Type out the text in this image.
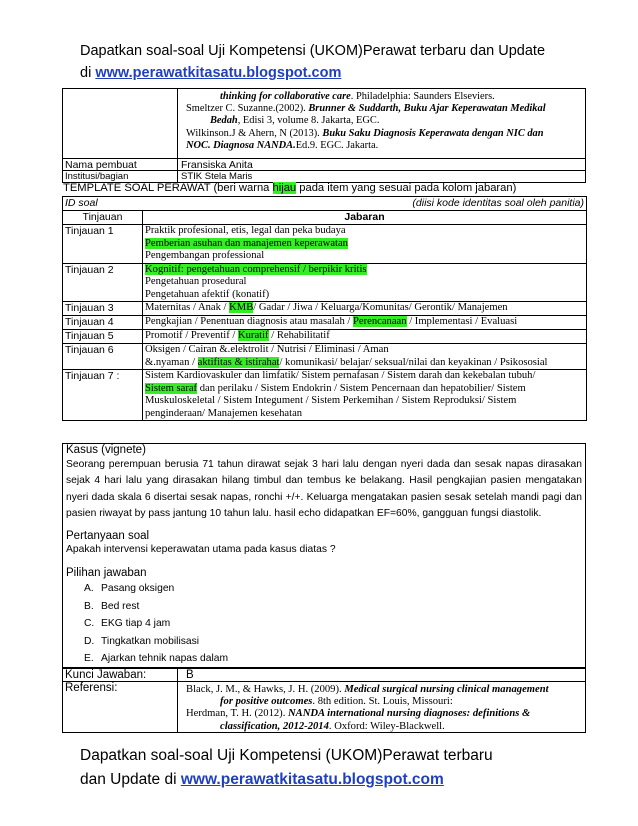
Dapatkan soal-soal Uji Kompetensi (UKOM)Perawat terbaru dan Update
di www.perawatkitasatu.blogspot.com
thinking for collaborative care. Philadelphia: Saunders Elseviers.
Smeltzer C. Suzanne.(2002). Brunner & Suddarth, Buku Ajar Keperawatan Medikal
Bedah, Edisi 3, volume 8. Jakarta, EGC.
Wilkinson.J & Ahern, N (2013). Buku Saku Diagnosis Keperawata dengan NIC dan
NOC. Diagnosa NANDA.Ed.9. EGC. Jakarta.
Nama pembuat	Fransiska Anita
Institusi/bagian	STIK Stela Maris
TEMPLATE SOAL PERAWAT (beri warna hijau pada item yang sesuai pada kolom jabaran)
ID soal (diisi kode identitas soal oleh panitia)	

Tinjauan	Jabaran
Tinjauan 1	Praktik profesional, etis, legal dan peka budaya
Pemberian asuhan dan manajemen keperawatan
Pengembangan professional

Tinjauan 2	Kognitif: pengetahuan comprehensif / berpikir kritis
Pengetahuan prosedural
Pengetahuan afektif (konatif)

Tinjauan 3	Maternitas / Anak / KMB/ Gadar / Jiwa / Keluarga/Komunitas/ Gerontik/ Manajemen
Tinjauan 4	Pengkajian / Penentuan diagnosis atau masalah / Perencanaan / Implementasi / Evaluasi
Tinjauan 5	Promotif / Preventif / Kuratif / Rehabilitatif
Tinjauan 6	Oksigen / Cairan &.elektrolit / Nutrisi / Eliminasi / Aman
&.nyaman / aktifitas & istirahat/ komunikasi/ belajar/ seksual/nilai dan keyakinan / Psikososial

Tinjauan 7 :	Sistem Kardiovaskuler dan limfatik/ Sistem pernafasan / Sistem darah dan kekebalan tubuh/
Sistem saraf dan perilaku / Sistem Endokrin / Sistem Pencernaan dan hepatobilier/ Sistem
Muskuloskeletal / Sistem Integument / Sistem Perkemihan / Sistem Reproduksi/ Sistem
penginderaan/ Manajemen kesehatan
Kasus (vignete)
Seorang perempuan berusia 71 tahun dirawat sejak 3 hari lalu dengan nyeri dada dan sesak napas dirasakan sejak 4 hari lalu yang dirasakan hilang timbul dan tembus ke belakang. Hasil pengkajian pasien mengatakan nyeri dada skala 6 disertai sesak napas, ronchi +/+. Keluarga mengatakan pasien sesak setelah mandi pagi dan pasien riwayat by pass jantung 10 tahun lalu. hasil echo didapatkan EF=60%, gangguan fungsi diastolik.
Pertanyaan soal
Apakah intervensi keperawatan utama pada kasus diatas ?
Pilihan jawaban
A. Pasang oksigen
B. Bed rest
C. EKG tiap 4 jam
D. Tingkatkan mobilisasi
E. Ajarkan tehnik napas dalam
Kunci Jawaban:	B
Referensi:	Black, J. M., & Hawks, J. H. (2009). Medical surgical nursing clinical management
for positive outcomes. 8th edition. St. Louis, Missouri:
Herdman, T. H. (2012). NANDA international nursing diagnoses: definitions &
classification, 2012-2014. Oxford: Wiley-Blackwell.
Dapatkan soal-soal Uji Kompetensi (UKOM)Perawat terbaru
dan Update di www.perawatkitasatu.blogspot.com
